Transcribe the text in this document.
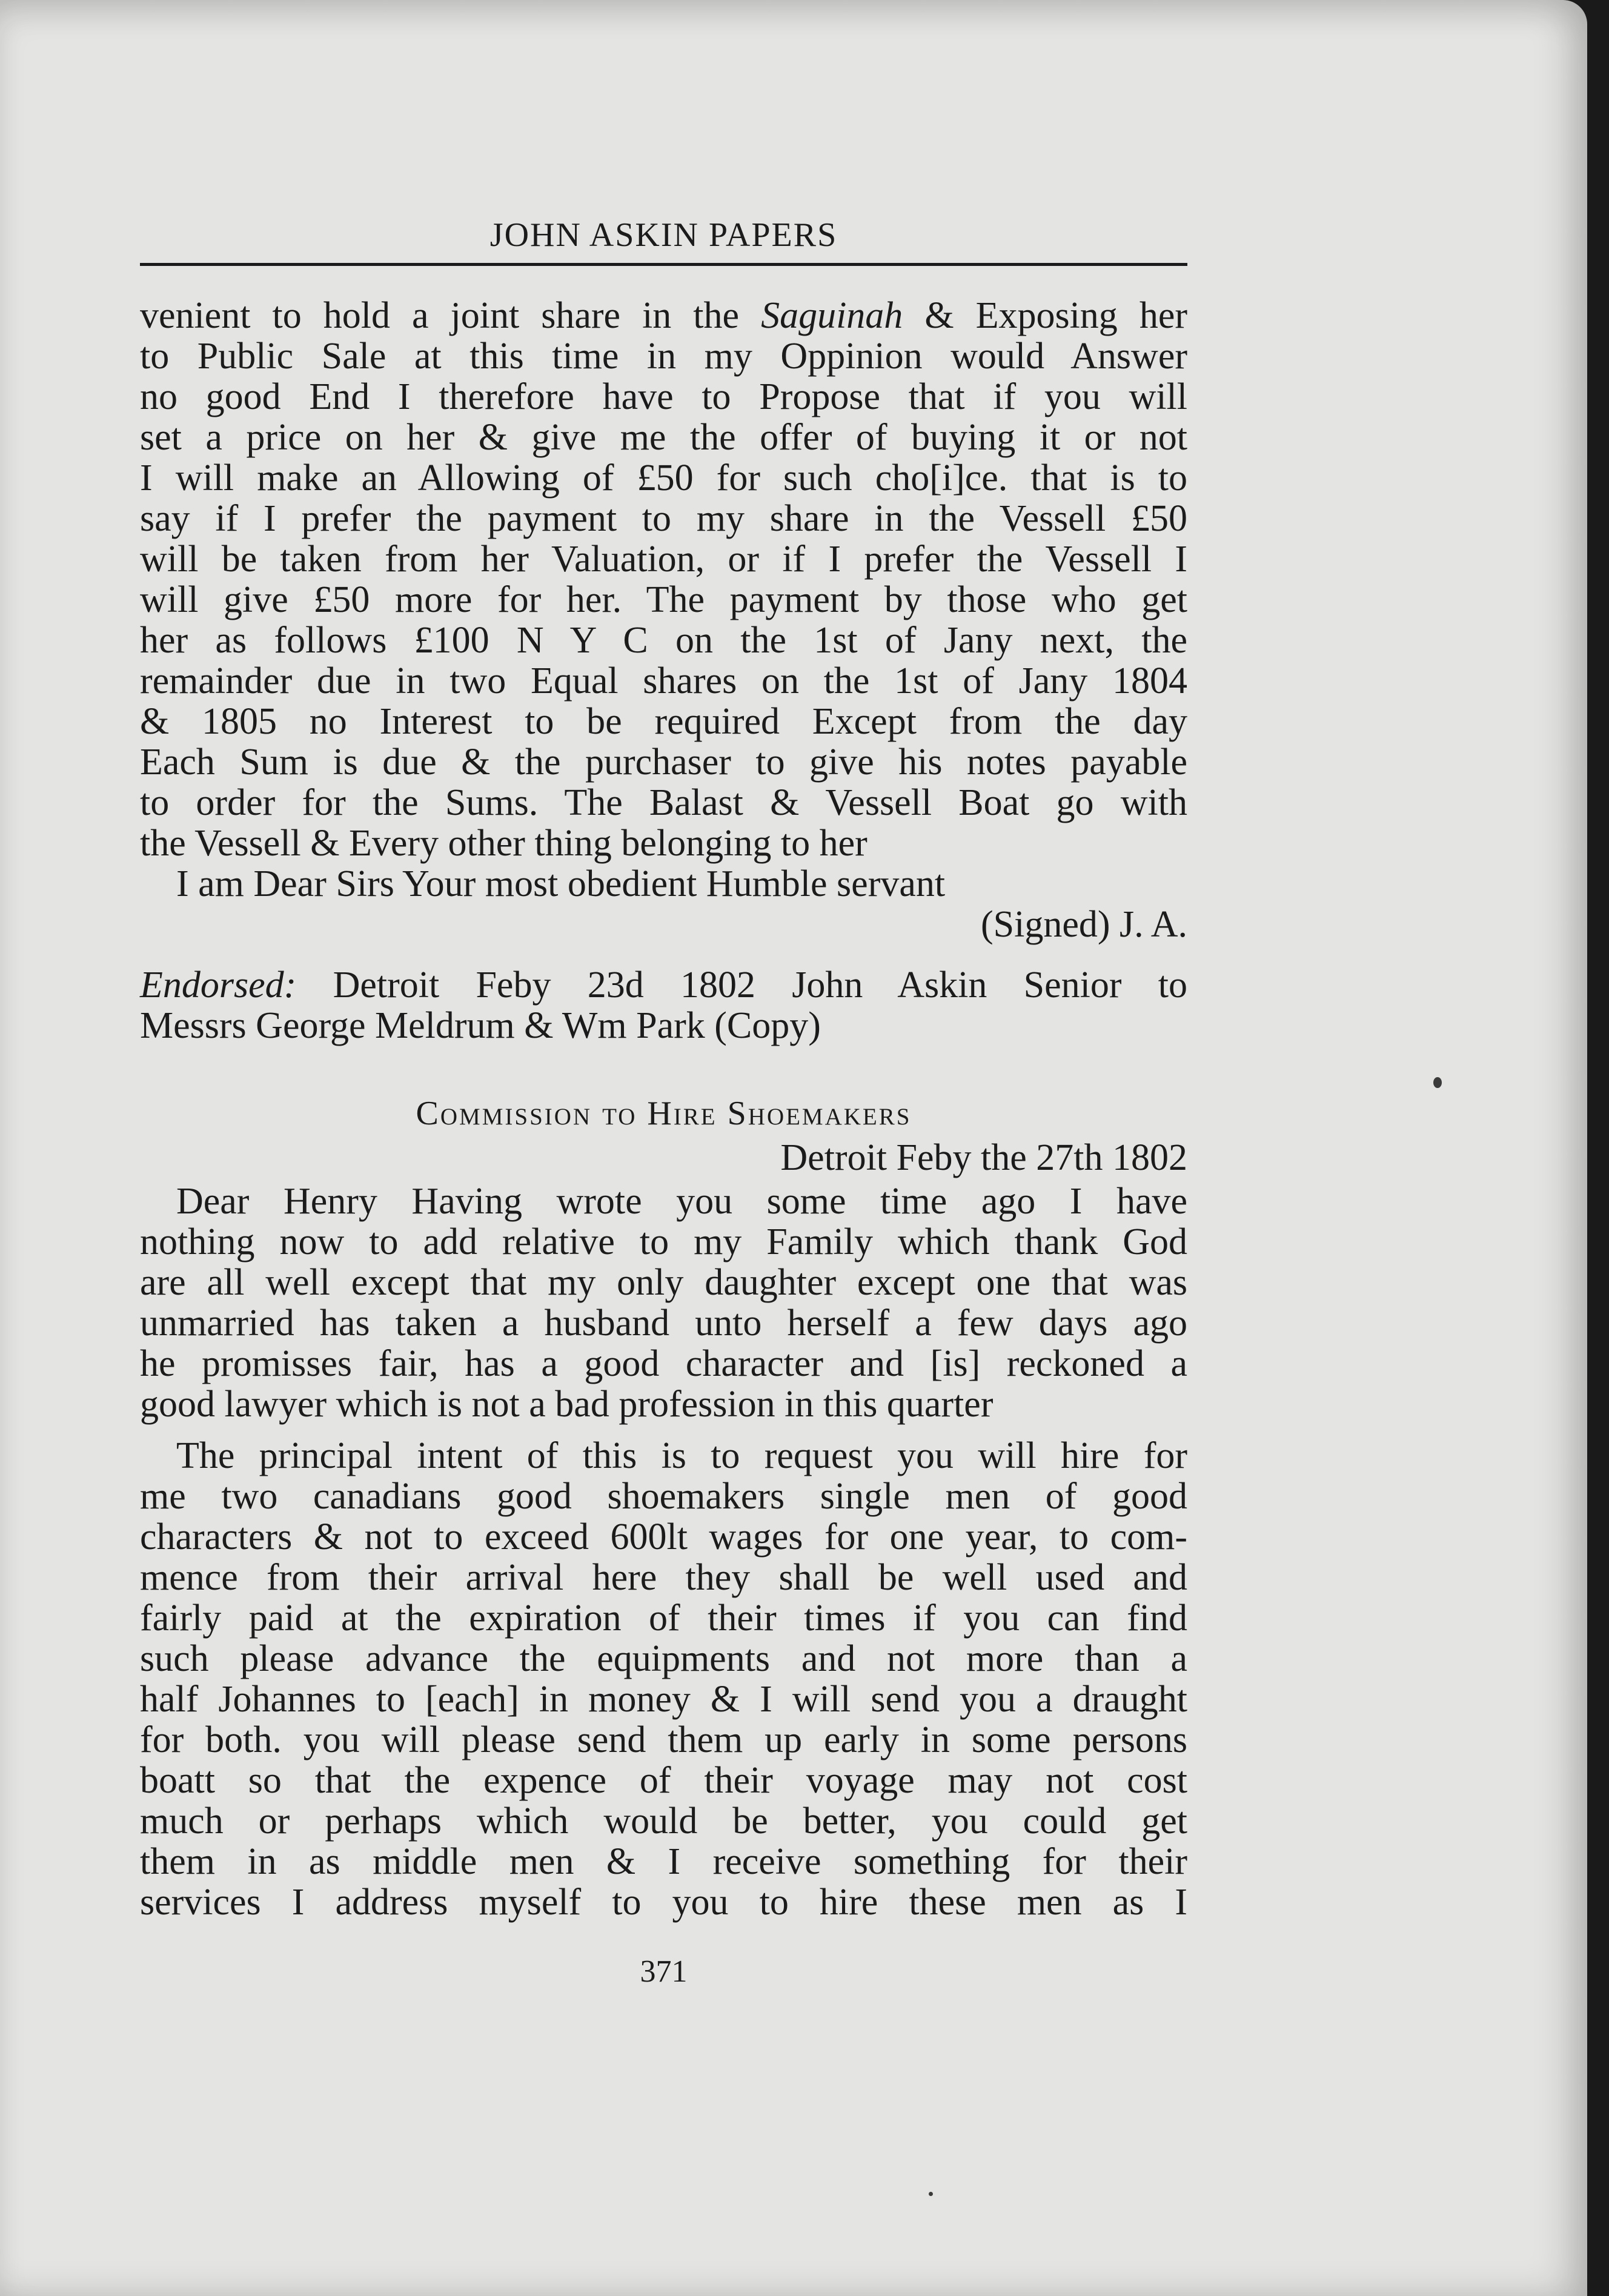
JOHN ASKIN PAPERS
venient to hold a joint share in the Saguinah & Exposing her
to Public Sale at this time in my Oppinion would Answer
no good End I therefore have to Propose that if you will
set a price on her & give me the offer of buying it or not
I will make an Allowing of £50 for such cho[i]ce. that is to
say if I prefer the payment to my share in the Vessell £50
will be taken from her Valuation, or if I prefer the Vessell I
will give £50 more for her. The payment by those who get
her as follows £100 N Y C on the 1st of Jany next, the
remainder due in two Equal shares on the 1st of Jany 1804
& 1805 no Interest to be required Except from the day
Each Sum is due & the purchaser to give his notes payable
to order for the Sums. The Balast & Vessell Boat go with
the Vessell & Every other thing belonging to her
I am Dear Sirs Your most obedient Humble servant
(Signed) J. A.
Endorsed: Detroit Feby 23d 1802 John Askin Senior to
Messrs George Meldrum & Wm Park (Copy)
Commission to Hire Shoemakers
Detroit Feby the 27th 1802
Dear Henry Having wrote you some time ago I have
nothing now to add relative to my Family which thank God
are all well except that my only daughter except one that was
unmarried has taken a husband unto herself a few days ago
he promisses fair, has a good character and [is] reckoned a
good lawyer which is not a bad profession in this quarter
The principal intent of this is to request you will hire for
me two canadians good shoemakers single men of good
characters & not to exceed 600lt wages for one year, to com-
mence from their arrival here they shall be well used and
fairly paid at the expiration of their times if you can find
such please advance the equipments and not more than a
half Johannes to [each] in money & I will send you a draught
for both. you will please send them up early in some persons
boatt so that the expence of their voyage may not cost
much or perhaps which would be better, you could get
them in as middle men & I receive something for their
services I address myself to you to hire these men as I
371
